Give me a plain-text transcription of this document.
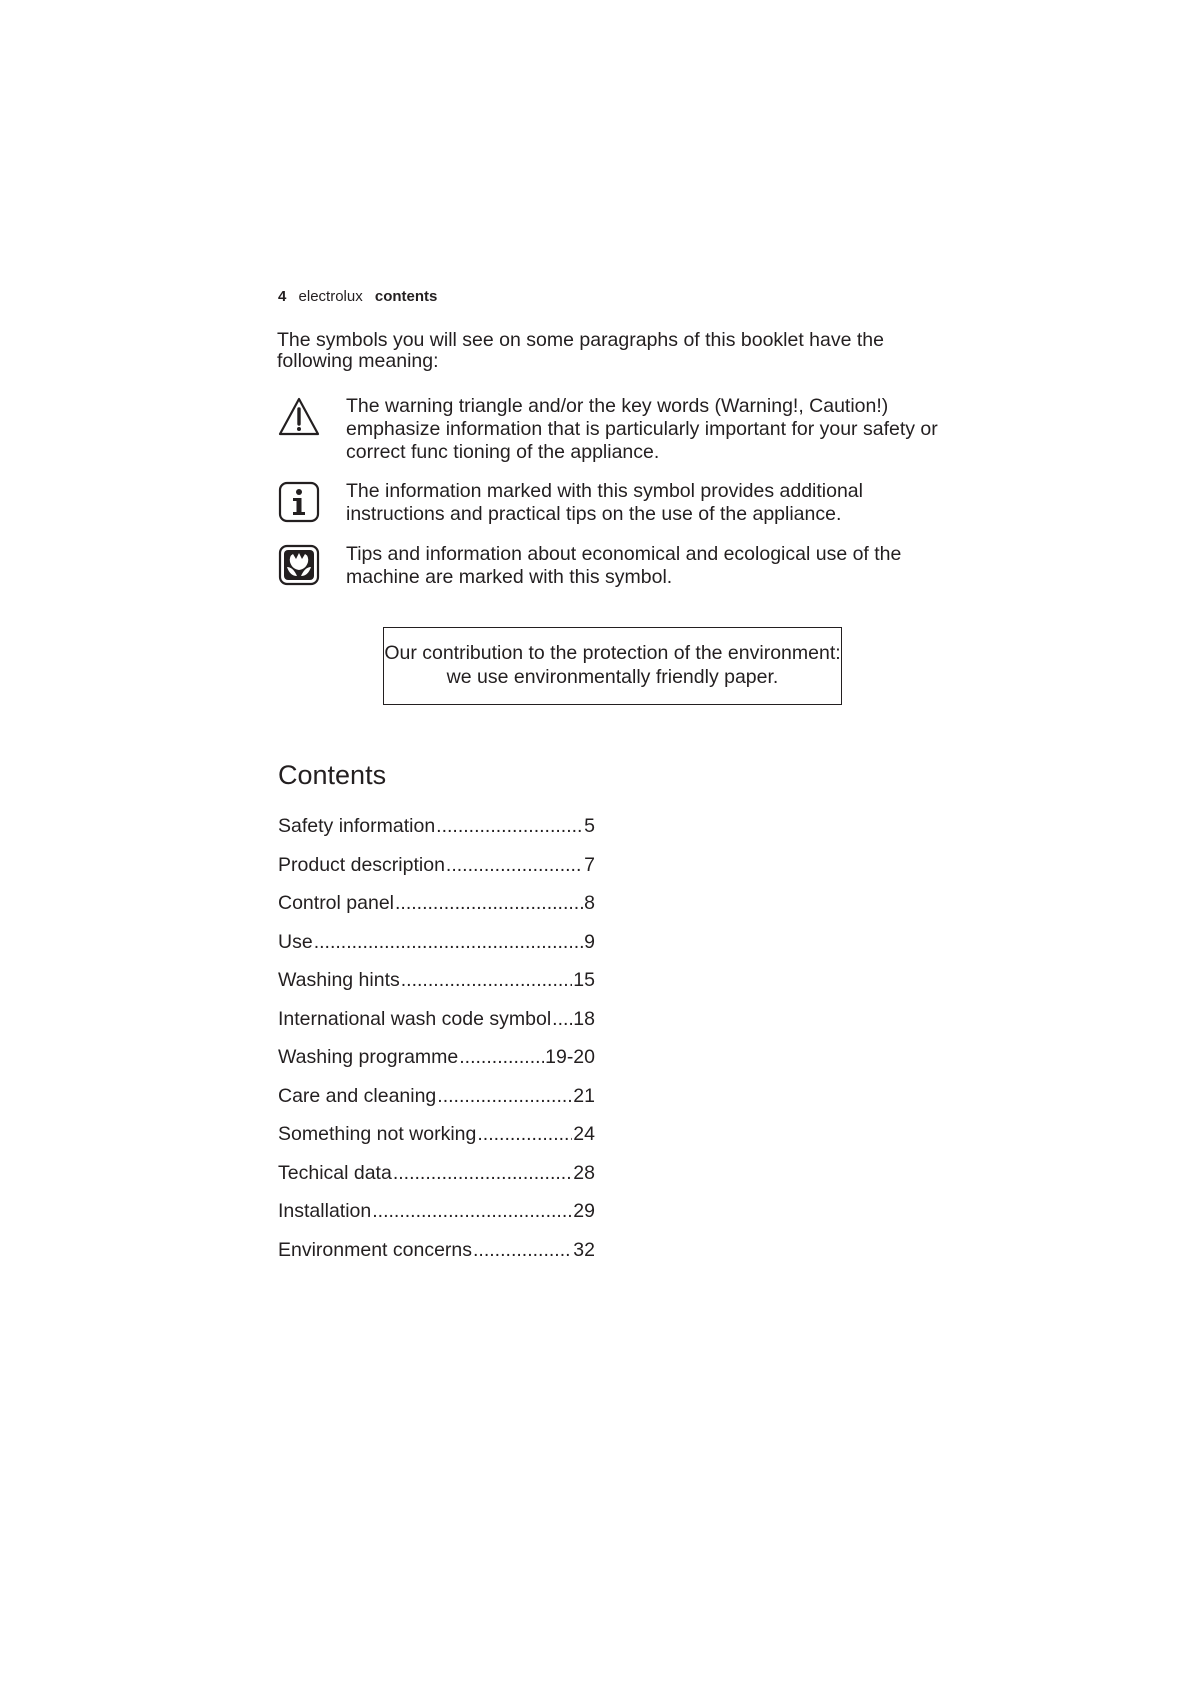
4 electrolux contents

The symbols you will see on some paragraphs of this booklet have the following meaning:

The warning triangle and/or the key words (Warning!, Caution!) emphasize information that is particularly important for your safety or correct func tioning of the appliance.

The information marked with this symbol provides additional instructions and practical tips on the use of the appliance.

Tips and information about economical and ecological use of the machine are marked with this symbol.

Our contribution to the protection of the environment:
we use environmentally friendly paper.
Contents
Safety information .....	5
Product description .....	7
Control panel .....	8
Use .....	9
Washing hints .....	15
International wash code symbol ..... 18
Washing programme .....	19-20
Care and cleaning .....	21
Something not working .....	24
Techical data .....	28
Installation .....	29
Environment concerns .....	32
